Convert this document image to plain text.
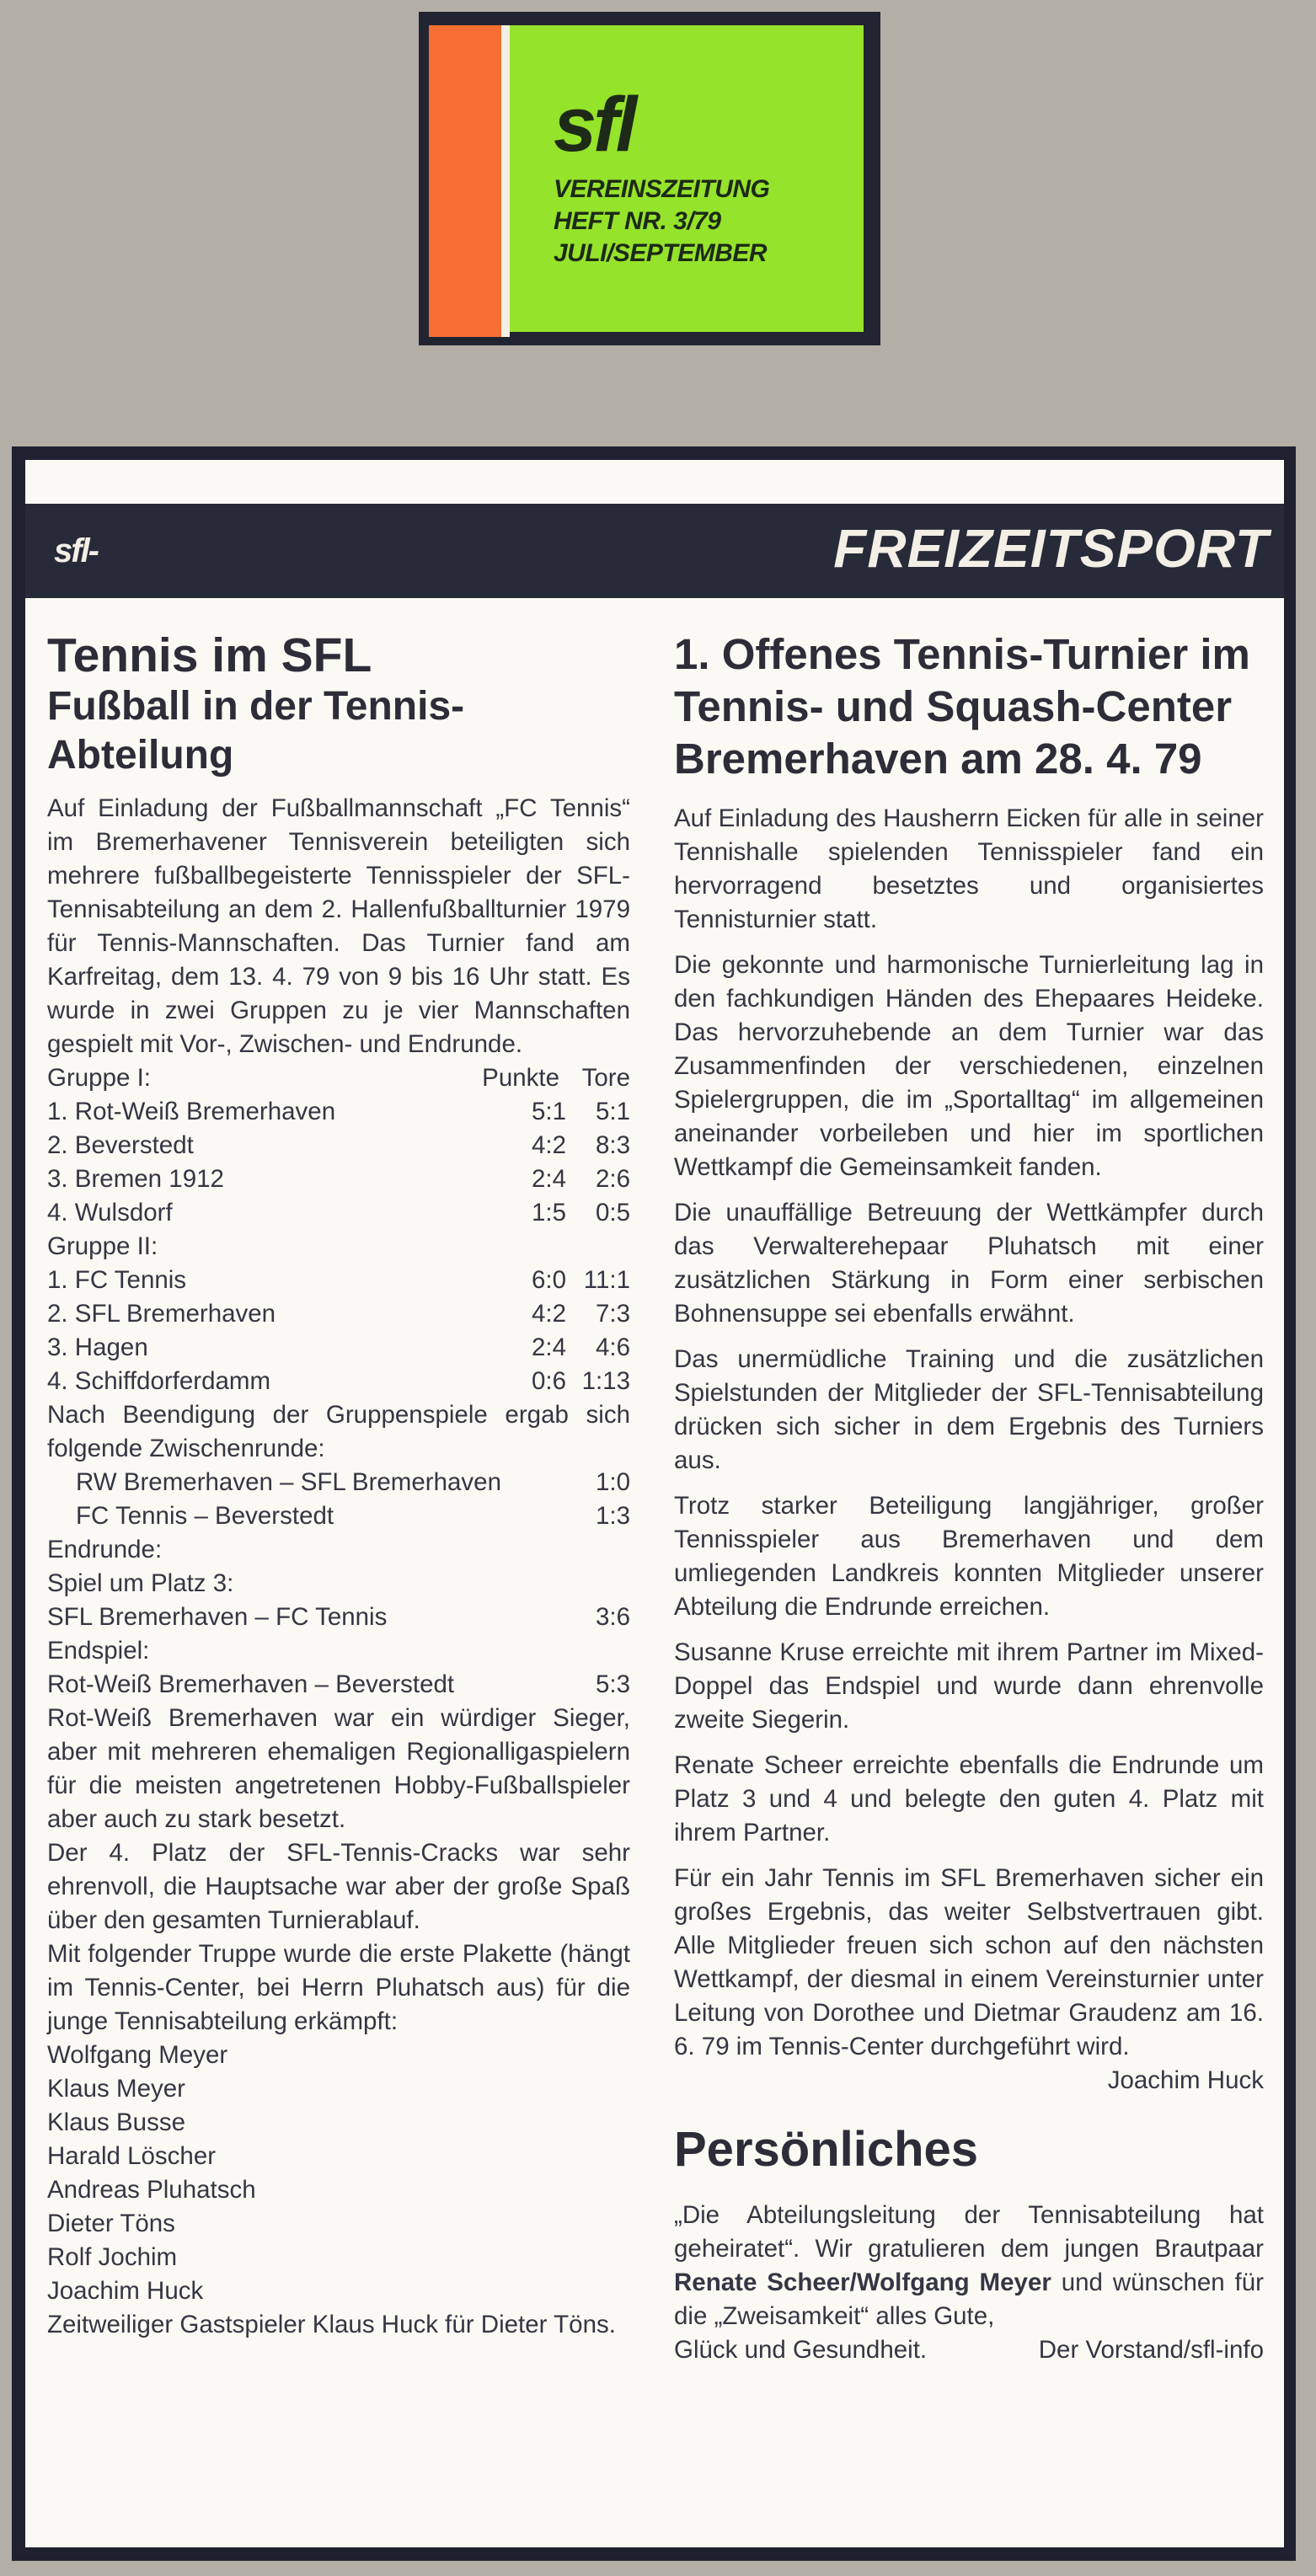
sfl
VEREINSZEITUNG
HEFT NR. 3/79
JULI/SEPTEMBER
sfl-	FREIZEITSPORT
Tennis im SFL
Fußball in der Tennis-Abteilung

Auf Einladung der Fußballmannschaft „FC Tennis“ im Bremerhavener Tennisverein beteiligten sich mehrere fußballbegeisterte Tennisspieler der SFL-Tennisabteilung an dem 2. Hallenfußballturnier 1979 für Tennis-Mannschaften. Das Turnier fand am Karfreitag, dem 13. 4. 79 von 9 bis 16 Uhr statt. Es wurde in zwei Gruppen zu je vier Mannschaften gespielt mit Vor-, Zwischen- und Endrunde.

Gruppe I:	Punkte Tore
1. Rot-Weiß Bremerhaven	5:1	5:1
2. Beverstedt	4:2	8:3
3. Bremen 1912	2:4	2:6
4. Wulsdorf	1:5	0:5
Gruppe II:
1. FC Tennis	6:0 11:1
2. SFL Bremerhaven	4:2	7:3
3. Hagen	2:4	4:6
4. Schiffdorferdamm	0:6 1:13

Nach Beendigung der Gruppenspiele ergab sich folgende Zwischenrunde:

RW Bremerhaven – SFL Bremerhaven	1:0
FC Tennis – Beverstedt	1:3
Endrunde:
Spiel um Platz 3:
SFL Bremerhaven – FC Tennis	3:6
Endspiel:
Rot-Weiß Bremerhaven – Beverstedt	5:3

Rot-Weiß Bremerhaven war ein würdiger Sieger, aber mit mehreren ehemaligen Regionalligaspielern für die meisten angetretenen Hobby-Fußballspieler aber auch zu stark besetzt.

Der 4. Platz der SFL-Tennis-Cracks war sehr ehrenvoll, die Hauptsache war aber der große Spaß über den gesamten Turnierablauf.

Mit folgender Truppe wurde die erste Plakette (hängt im Tennis-Center, bei Herrn Pluhatsch aus) für die junge Tennisabteilung erkämpft:

Wolfgang Meyer
Klaus Meyer
Klaus Busse
Harald Löscher
Andreas Pluhatsch
Dieter Töns
Rolf Jochim
Joachim Huck

Zeitweiliger Gastspieler Klaus Huck für Dieter Töns.

1. Offenes Tennis-Turnier im Tennis- und Squash-Center Bremerhaven am 28. 4. 79

Auf Einladung des Hausherrn Eicken für alle in seiner Tennishalle spielenden Tennisspieler fand ein hervorragend besetztes und organisiertes Tennisturnier statt.

Die gekonnte und harmonische Turnierleitung lag in den fachkundigen Händen des Ehepaares Heideke. Das hervorzuhebende an dem Turnier war das Zusammenfinden der verschiedenen, einzelnen Spielergruppen, die im „Sportalltag“ im allgemeinen aneinander vorbeileben und hier im sportlichen Wettkampf die Gemeinsamkeit fanden.

Die unauffällige Betreuung der Wettkämpfer durch das Verwalterehepaar Pluhatsch mit einer zusätzlichen Stärkung in Form einer serbischen Bohnensuppe sei ebenfalls erwähnt.

Das unermüdliche Training und die zusätzlichen Spielstunden der Mitglieder der SFL-Tennisabteilung drücken sich sicher in dem Ergebnis des Turniers aus.

Trotz starker Beteiligung langjähriger, großer Tennisspieler aus Bremerhaven und dem umliegenden Landkreis konnten Mitglieder unserer Abteilung die Endrunde erreichen.

Susanne Kruse erreichte mit ihrem Partner im Mixed-Doppel das Endspiel und wurde dann ehrenvolle zweite Siegerin.

Renate Scheer erreichte ebenfalls die Endrunde um Platz 3 und 4 und belegte den guten 4. Platz mit ihrem Partner.

Für ein Jahr Tennis im SFL Bremerhaven sicher ein großes Ergebnis, das weiter Selbstvertrauen gibt. Alle Mitglieder freuen sich schon auf den nächsten Wettkampf, der diesmal in einem Vereinsturnier unter Leitung von Dorothee und Dietmar Graudenz am 16. 6. 79 im Tennis-Center durchgeführt wird.

Joachim Huck
Persönliches

„Die Abteilungsleitung der Tennisabteilung hat geheiratet“. Wir gratulieren dem jungen Brautpaar Renate Scheer/Wolfgang Meyer und wünschen für die „Zweisamkeit“ alles Gute,

Glück und Gesundheit.	Der Vorstand/sfl-info
